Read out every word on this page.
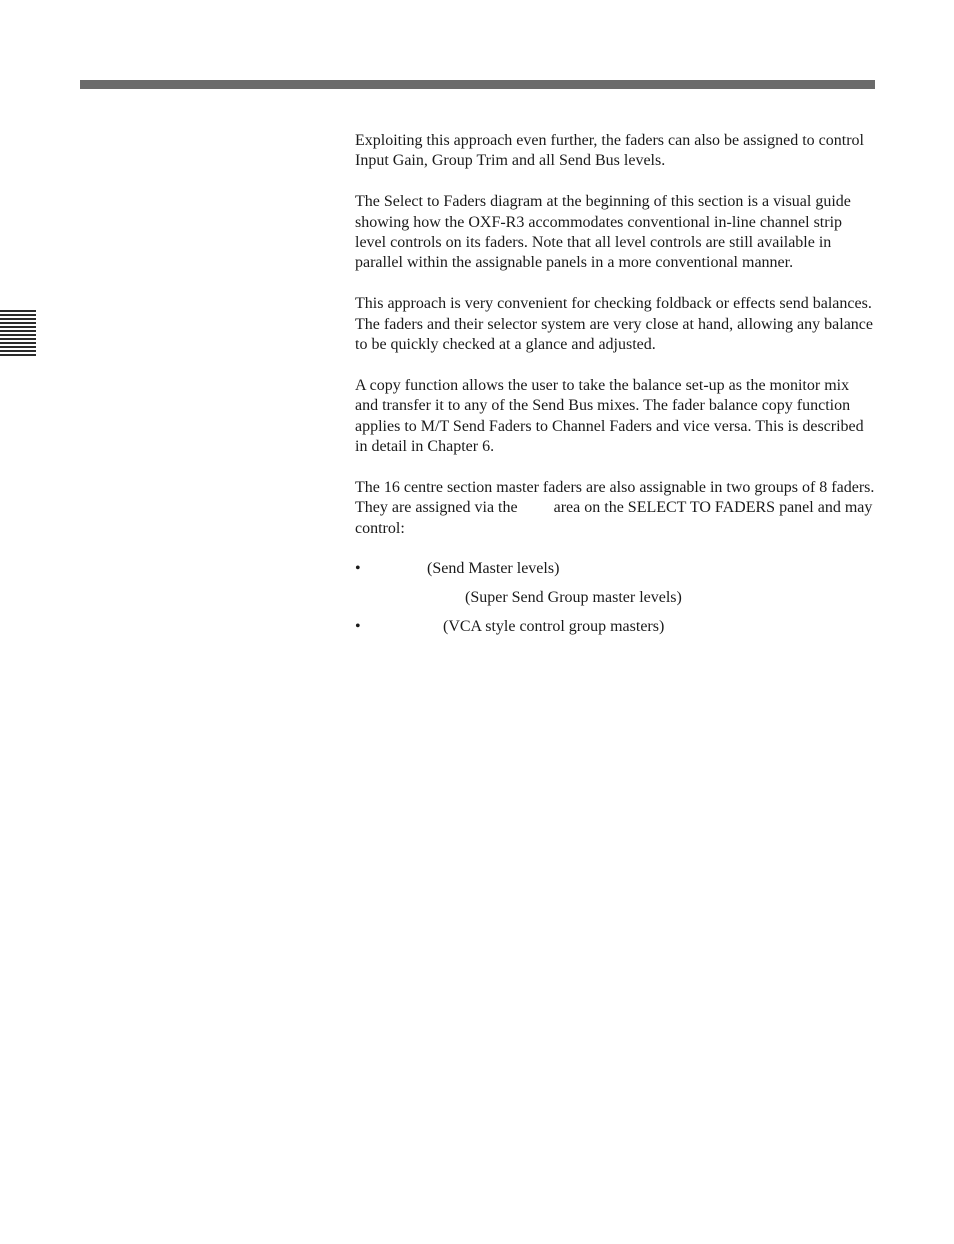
Exploiting this approach even further, the faders can also be assigned to control Input Gain, Group Trim and all Send Bus levels.

The Select to Faders diagram at the beginning of this section is a visual guide showing how the OXF-R3 accommodates conventional in-line channel strip level controls on its faders. Note that all level controls are still available in parallel within the assignable panels in a more conventional manner.

This approach is very convenient for checking foldback or effects send balances. The faders and their selector system are very close at hand, allowing any balance to be quickly checked at a glance and adjusted.

A copy function allows the user to take the balance set-up as the monitor mix and transfer it to any of the Send Bus mixes. The fader balance copy function applies to M/T Send Faders to Channel Faders and vice versa. This is described in detail in Chapter 6.

The 16 centre section master faders are also assignable in two groups of 8 faders. They are assigned via the area on the SELECT TO FADERS panel and may control:

•	(Send Master levels)
(Super Send Group master levels)
•	(VCA style control group masters)
